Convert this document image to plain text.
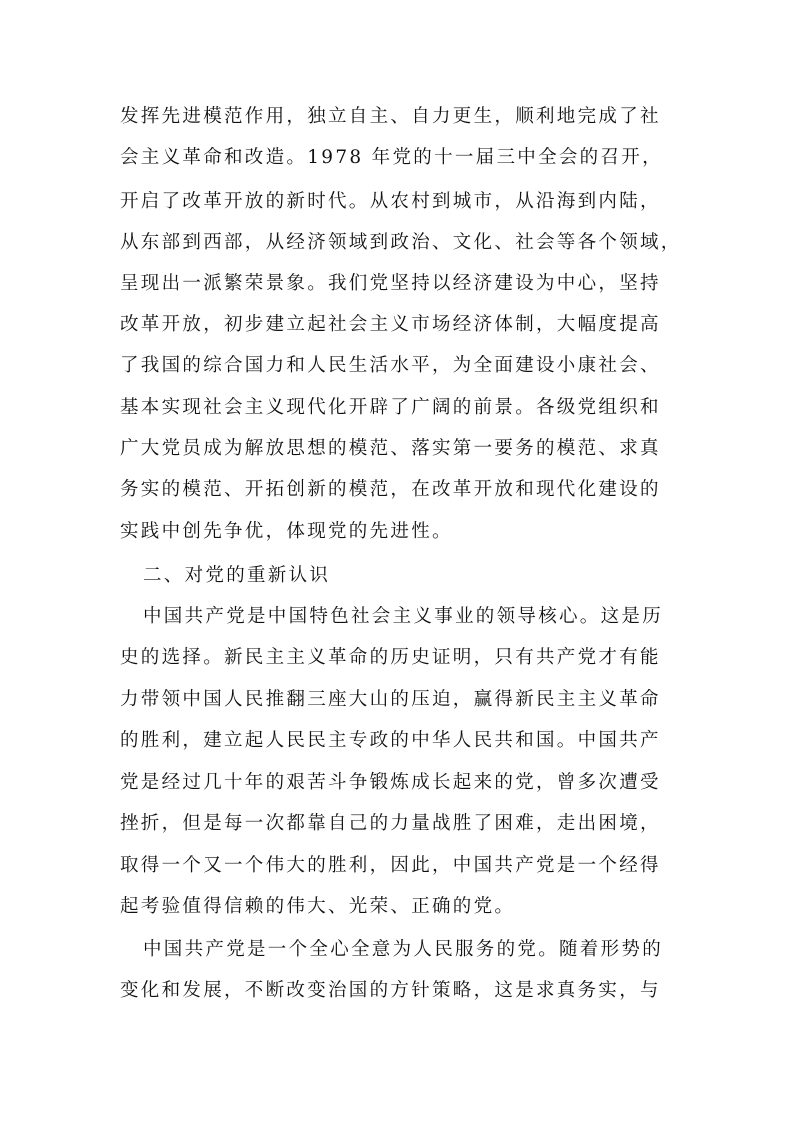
发挥先进模范作用，独立自主、自力更生，顺利地完成了社
会主义革命和改造。1978 年党的十一届三中全会的召开，
开启了改革开放的新时代。从农村到城市，从沿海到内陆，
从东部到西部，从经济领域到政治、文化、社会等各个领域，
呈现出一派繁荣景象。我们党坚持以经济建设为中心，坚持
改革开放，初步建立起社会主义市场经济体制，大幅度提高
了我国的综合国力和人民生活水平，为全面建设小康社会、
基本实现社会主义现代化开辟了广阔的前景。各级党组织和
广大党员成为解放思想的模范、落实第一要务的模范、求真
务实的模范、开拓创新的模范，在改革开放和现代化建设的
实践中创先争优，体现党的先进性。
二、对党的重新认识
中国共产党是中国特色社会主义事业的领导核心。这是历
史的选择。新民主主义革命的历史证明，只有共产党才有能
力带领中国人民推翻三座大山的压迫，赢得新民主主义革命
的胜利，建立起人民民主专政的中华人民共和国。中国共产
党是经过几十年的艰苦斗争锻炼成长起来的党，曾多次遭受
挫折，但是每一次都靠自己的力量战胜了困难，走出困境，
取得一个又一个伟大的胜利，因此，中国共产党是一个经得
起考验值得信赖的伟大、光荣、正确的党。
中国共产党是一个全心全意为人民服务的党。随着形势的
变化和发展，不断改变治国的方针策略，这是求真务实，与
